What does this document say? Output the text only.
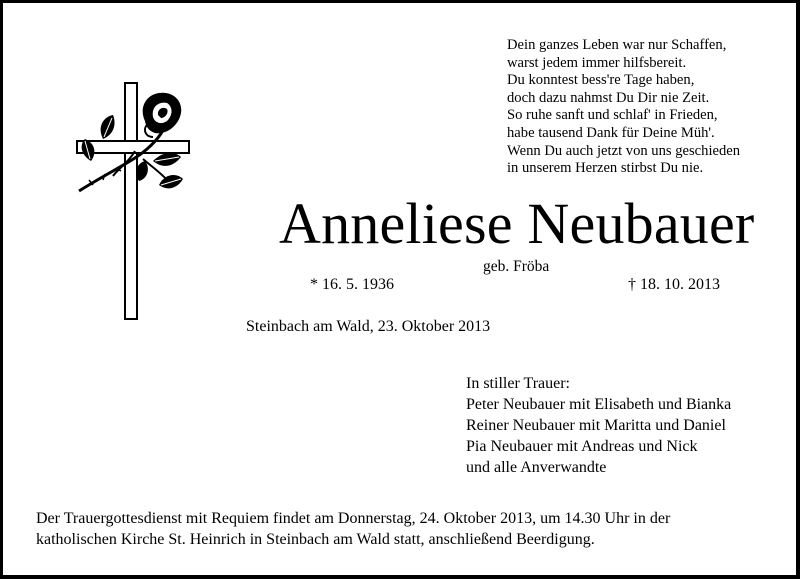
Dein ganzes Leben war nur Schaffen,
warst jedem immer hilfsbereit.
Du konntest bess're Tage haben,
doch dazu nahmst Du Dir nie Zeit.
So ruhe sanft und schlaf' in Frieden,
habe tausend Dank für Deine Müh'.
Wenn Du auch jetzt von uns geschieden
in unserem Herzen stirbst Du nie.
Anneliese Neubauer
geb. Fröba
* 16. 5. 1936	† 18. 10. 2013
Steinbach am Wald, 23. Oktober 2013
In stiller Trauer:
Peter Neubauer mit Elisabeth und Bianka
Reiner Neubauer mit Maritta und Daniel
Pia Neubauer mit Andreas und Nick
und alle Anverwandte
Der Trauergottesdienst mit Requiem findet am Donnerstag, 24. Oktober 2013, um 14.30 Uhr in der
katholischen Kirche St. Heinrich in Steinbach am Wald statt, anschließend Beerdigung.
